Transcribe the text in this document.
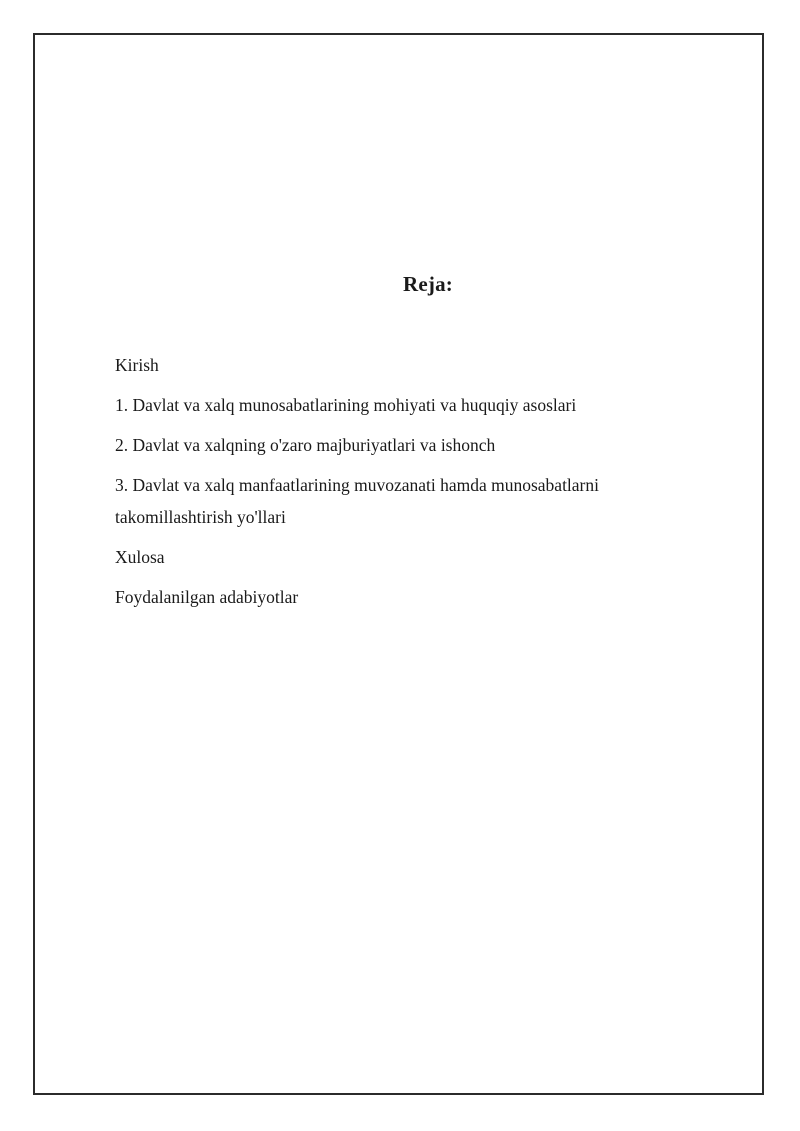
Reja:
Kirish
1. Davlat va xalq munosabatlarining mohiyati va huquqiy asoslari
2. Davlat va xalqning o'zaro majburiyatlari va ishonch
3. Davlat va xalq manfaatlarining muvozanati hamda munosabatlarni takomillashtirish yo'llari
Xulosa
Foydalanilgan adabiyotlar
